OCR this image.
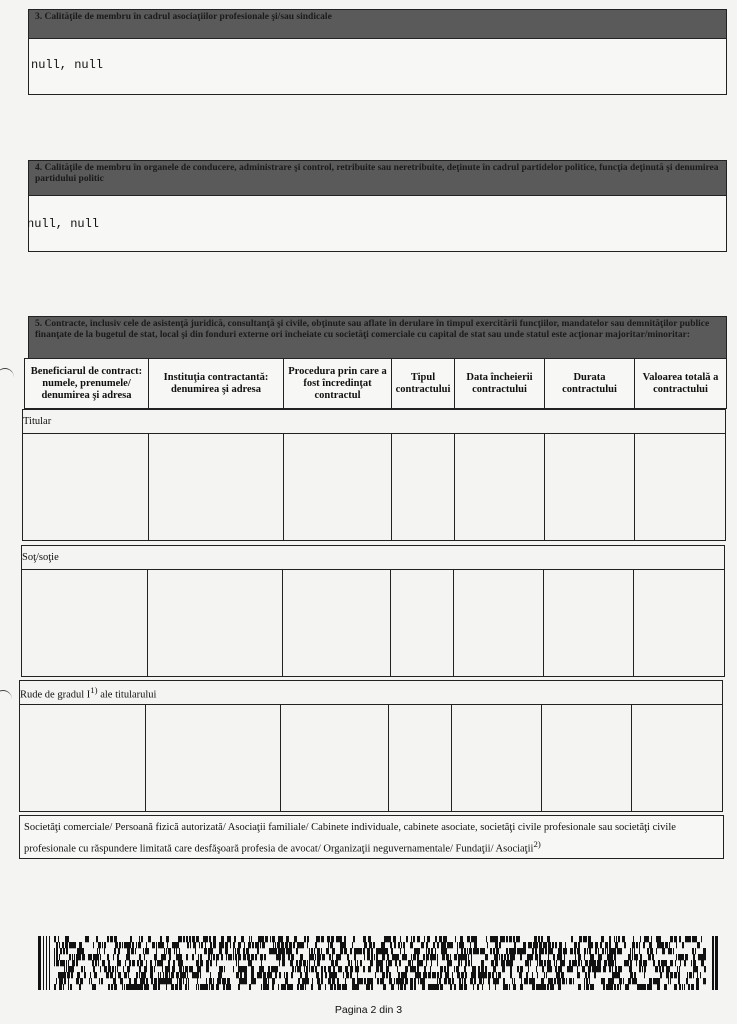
3. Calităţile de membru în cadrul asociaţiilor profesionale şi/sau sindicale
null, null
4. Calităţile de membru în organele de conducere, administrare şi control, retribuite sau neretribuite, deţinute în cadrul partidelor politice, funcţia deţinută şi denumirea partidului politic
null, null
5. Contracte, inclusiv cele de asistenţă juridică, consultanţă şi civile, obţinute sau aflate în derulare în timpul exercitării funcţiilor, mandatelor sau demnităţilor publice finanţate de la bugetul de stat, local şi din fonduri externe ori încheiate cu societăţi comerciale cu capital de stat sau unde statul este acţionar majoritar/minoritar:
Beneficiarul de contract: numele, prenumele/ denumirea şi adresa	Instituţia contractantă: denumirea şi adresa	Procedura prin care a fost încredinţat contractul	Tipul contractului	Data încheierii contractului	Durata contractului	Valoarea totală a contractului
Titular

Soţ/soţie

Rude de gradul $I^{1)}$ ale titularului

Societăţi comerciale/ Persoană fizică autorizată/ Asociaţii familiale/ Cabinete individuale, cabinete asociate, societăţi civile profesionale sau societăţi civile profesionale cu răspundere limitată care desfăşoară profesia de avocat/ Organizaţii neguvernamentale/ Fundaţii/ Asociaţii$^{2)}$
Pagina 2 din 3
